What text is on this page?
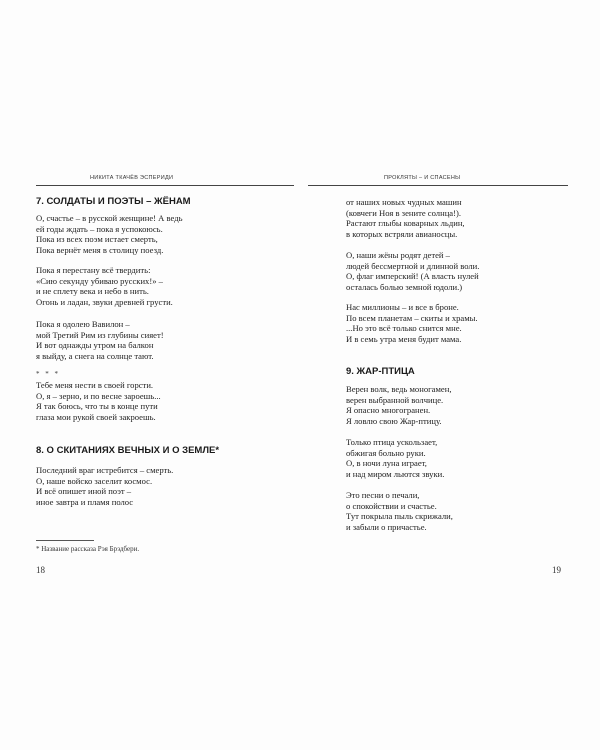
НИКИТА ТКАЧЁВ ЭСПЕРИДИ
7. СОЛДАТЫ И ПОЭТЫ – ЖЁНАМ
О, счастье – в русской женщине! А ведь
ей годы ждать – пока я успокоюсь.
Пока из всех поэм истает смерть,
Пока вернёт меня в столицу поезд.
Пока я перестану всё твердить:
«Сию секунду убиваю русских!» –
и не сплету века и небо в нить.
Огонь и ладан, звуки древней грусти.
Пока я одолею Вавилон –
мой Третий Рим из глубины сияет!
И вот однажды утром на балкон
я выйду, а снега на солнце тают.
* * *
Тебе меня нести в своей горсти.
О, я – зерно, и по весне зароешь...
Я так боюсь, что ты в конце пути
глаза мои рукой своей закроешь.
8. О СКИТАНИЯХ ВЕЧНЫХ И О ЗЕМЛЕ*
Последний враг истребится – смерть.
О, наше войско заселит космос.
И всё опишет иной поэт –
иное завтра и пламя полос
* Название рассказа Рэя Брэдбери.
18
ПРОКЛЯТЫ – И СПАСЕНЫ
от наших новых чудных машин
(ковчеги Ноя в зените солнца!).
Растают глыбы коварных льдин,
в которых встряли авианосцы.
О, наши жёны родят детей –
людей бессмертной и длинной воли.
О, флаг имперский! (А власть нулей
осталась болью земной юдоли.)
Нас миллионы – и все в броне.
По всем планетам – скиты и храмы.
...Но это всё только снится мне.
И в семь утра меня будит мама.
9. ЖАР-ПТИЦА
Верен волк, ведь моногамен,
верен выбранной волчице.
Я опасно многогранен.
Я ловлю свою Жар-птицу.
Только птица ускользает,
обжигая больно руки.
О, в ночи луна играет,
и над миром льются звуки.
Это песни о печали,
о спокойствии и счастье.
Тут покрыла пыль скрижали,
и забыли о причастье.
19
